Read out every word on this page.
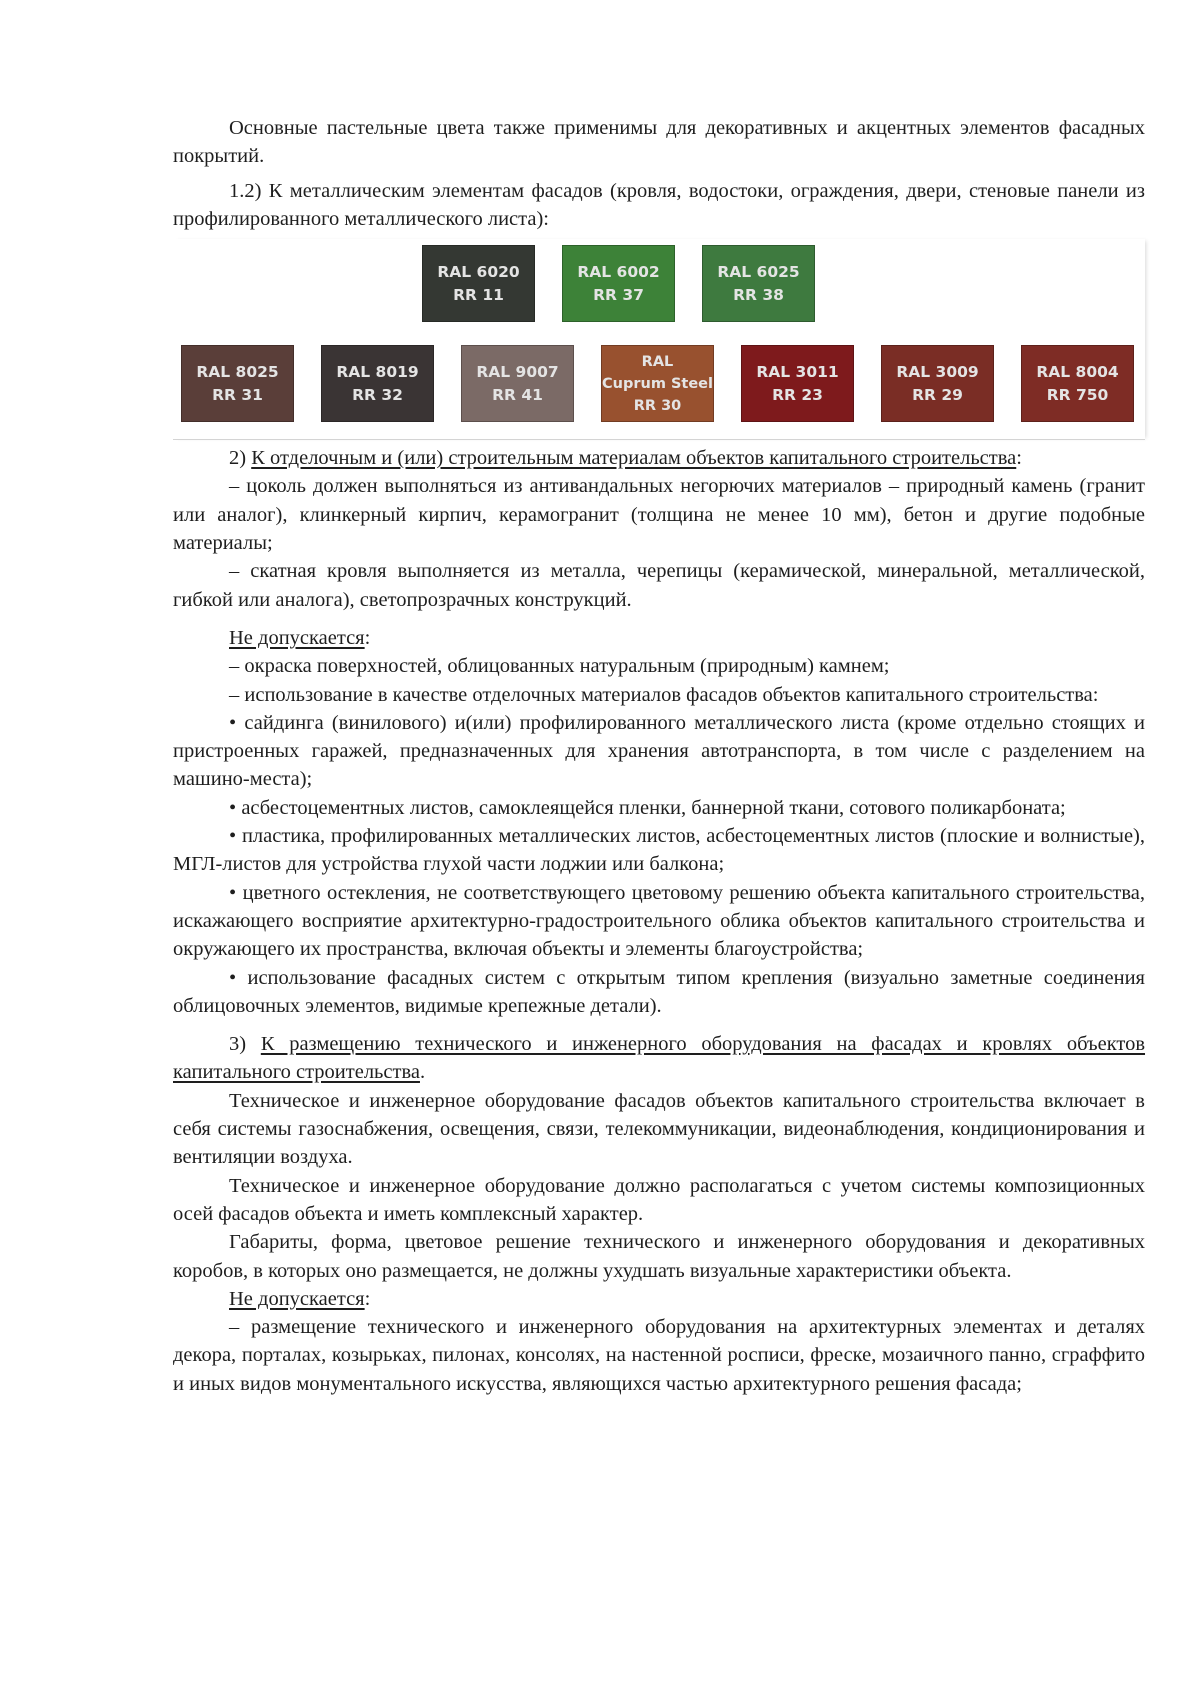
Основные пастельные цвета также применимы для декоративных и акцентных элементов фасадных покрытий.

1.2) К металлическим элементам фасадов (кровля, водостоки, ограждения, двери, стеновые панели из профилированного металлического листа):

RAL 6020
RR 11
RAL 6002
RR 37
RAL 6025
RR 38
RAL 8025
RR 31
RAL 8019
RR 32
RAL 9007
RR 41
RAL
Cuprum Steel
RR 30
RAL 3011
RR 23
RAL 3009
RR 29
RAL 8004
RR 750

2) К отделочным и (или) строительным материалам объектов капитального строительства:

– цоколь должен выполняться из антивандальных негорючих материалов – природный камень (гранит или аналог), клинкерный кирпич, керамогранит (толщина не менее 10 мм), бетон и другие подобные материалы;

– скатная кровля выполняется из металла, черепицы (керамической, минеральной, металлической, гибкой или аналога), светопрозрачных конструкций.

Не допускается:

– окраска поверхностей, облицованных натуральным (природным) камнем;

– использование в качестве отделочных материалов фасадов объектов капитального строительства:

• сайдинга (винилового) и(или) профилированного металлического листа (кроме отдельно стоящих и пристроенных гаражей, предназначенных для хранения автотранспорта, в том числе с разделением на машино-места);

• асбестоцементных листов, самоклеящейся пленки, баннерной ткани, сотового поликарбоната;

• пластика, профилированных металлических листов, асбестоцементных листов (плоские и волнистые), МГЛ-листов для устройства глухой части лоджии или балкона;

• цветного остекления, не соответствующего цветовому решению объекта капитального строительства, искажающего восприятие архитектурно-градостроительного облика объектов капитального строительства и окружающего их пространства, включая объекты и элементы благоустройства;

• использование фасадных систем с открытым типом крепления (визуально заметные соединения облицовочных элементов, видимые крепежные детали).

3) К размещению технического и инженерного оборудования на фасадах и кровлях объектов капитального строительства.

Техническое и инженерное оборудование фасадов объектов капитального строительства включает в себя системы газоснабжения, освещения, связи, телекоммуникации, видеонаблюдения, кондиционирования и вентиляции воздуха.

Техническое и инженерное оборудование должно располагаться с учетом системы композиционных осей фасадов объекта и иметь комплексный характер.

Габариты, форма, цветовое решение технического и инженерного оборудования и декоративных коробов, в которых оно размещается, не должны ухудшать визуальные характеристики объекта.

Не допускается:

– размещение технического и инженерного оборудования на архитектурных элементах и деталях декора, порталах, козырьках, пилонах, консолях, на настенной росписи, фреске, мозаичного панно, сграффито и иных видов монументального искусства, являющихся частью архитектурного решения фасада;
